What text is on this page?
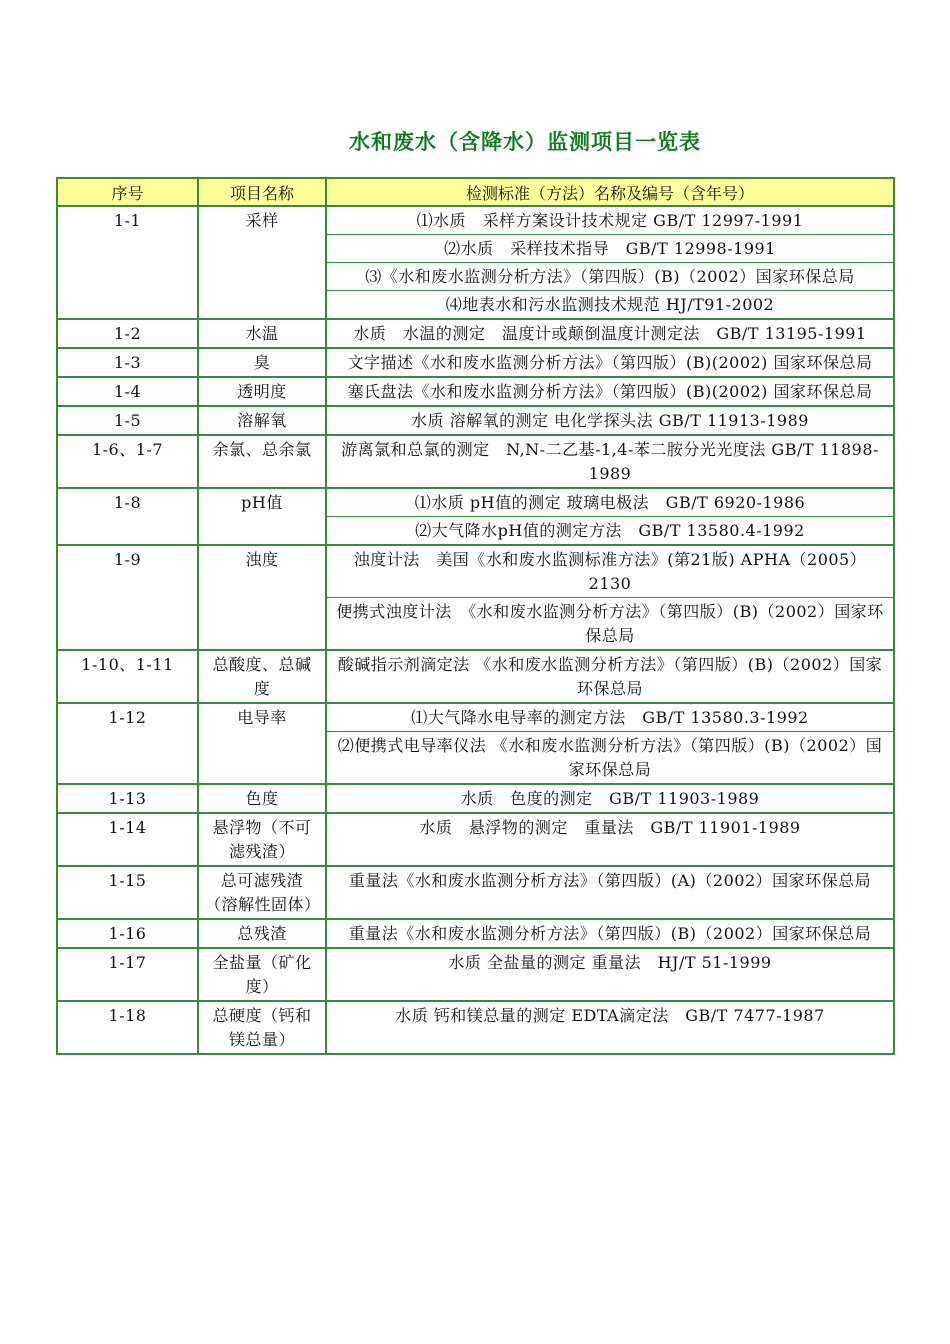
水和废水（含降水）监测项目一览表
序号	项目名称	检测标准（方法）名称及编号（含年号）
1-1	采样	⑴水质　采样方案设计技术规定 GB/T 12997-1991
		⑵水质　采样技术指导　GB/T 12998-1991
		⑶《水和废水监测分析方法》（第四版）(B)（2002）国家环保总局
		⑷地表水和污水监测技术规范 HJ/T91-2002
1-2	水温	水质　水温的测定　温度计或颠倒温度计测定法　GB/T 13195-1991
1-3	臭	文字描述《水和废水监测分析方法》（第四版）(B)(2002) 国家环保总局
1-4	透明度	塞氏盘法《水和废水监测分析方法》（第四版）(B)(2002) 国家环保总局
1-5	溶解氧	水质 溶解氧的测定 电化学探头法 GB/T 11913-1989
1-6、1-7	余氯、总余氯	游离氯和总氯的测定　N,N-二乙基-1,4-苯二胺分光光度法 GB/T 11898-1989
1-8	pH值	⑴水质 pH值的测定 玻璃电极法　GB/T 6920-1986
		⑵大气降水pH值的测定方法　GB/T 13580.4-1992
1-9	浊度	浊度计法　美国《水和废水监测标准方法》(第21版) APHA（2005）2130
		便携式浊度计法　《水和废水监测分析方法》（第四版）(B)（2002）国家环保总局
1-10、1-11	总酸度、总碱度	酸碱指示剂滴定法 《水和废水监测分析方法》（第四版）(B)（2002）国家环保总局
1-12	电导率	⑴大气降水电导率的测定方法　GB/T 13580.3-1992
		⑵便携式电导率仪法 《水和废水监测分析方法》（第四版）(B)（2002）国家环保总局
1-13	色度	水质　色度的测定　GB/T 11903-1989
1-14	悬浮物（不可滤残渣）	水质　悬浮物的测定　重量法　GB/T 11901-1989
1-15	总可滤残渣（溶解性固体）	重量法《水和废水监测分析方法》（第四版）(A)（2002）国家环保总局
1-16	总残渣	重量法《水和废水监测分析方法》（第四版）(B)（2002）国家环保总局
1-17	全盐量（矿化度）	水质 全盐量的测定 重量法　HJ/T 51-1999
1-18	总硬度（钙和镁总量）	水质 钙和镁总量的测定 EDTA滴定法　GB/T 7477-1987
